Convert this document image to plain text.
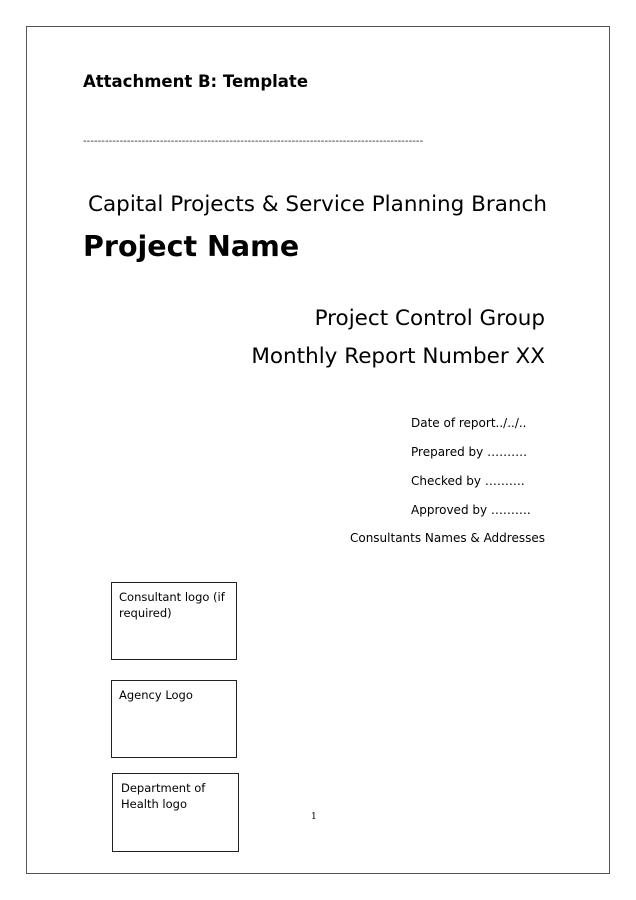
Attachment B: Template
---------------------------------------------------------------------------------------------
Capital Projects & Service Planning Branch
Project Name
Project Control Group
Monthly Report Number XX
Date of report../../..
Prepared by ……….
Checked by ……….
Approved by ……….
Consultants Names & Addresses
Consultant logo (if required)
Agency Logo
Department of Health logo
1
